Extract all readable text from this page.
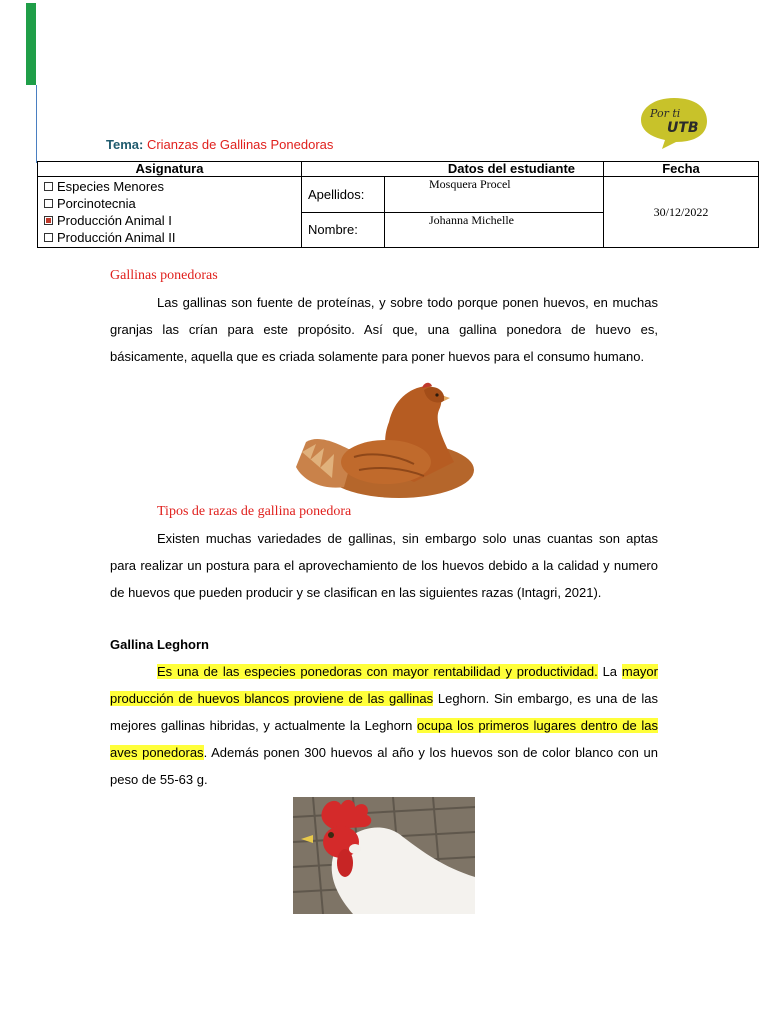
Por ti
UTB
Tema: Crianzas de Gallinas Ponedoras
Asignatura	Datos del estudiante		Fecha

Especies Menores
Porcinotecnia
Producción Animal I
Producción Animal II	Apellidos:	Mosquera Procel	30/12/2022
	Nombre:	Johanna Michelle	
Gallinas ponedoras

Las gallinas son fuente de proteínas, y sobre todo porque ponen huevos, en muchas granjas las crían para este propósito. Así que, una gallina ponedora de huevo es, básicamente, aquella que es criada solamente para poner huevos para el consumo humano.

Tipos de razas de gallina ponedora

Existen muchas variedades de gallinas, sin embargo solo unas cuantas son aptas para realizar un postura para el aprovechamiento de los huevos debido a la calidad y numero de huevos que pueden producir y se clasifican en las siguientes razas (Intagri, 2021).

Gallina Leghorn

Es una de las especies ponedoras con mayor rentabilidad y productividad. La mayor producción de huevos blancos proviene de las gallinas Leghorn. Sin embargo, es una de las mejores gallinas hibridas, y actualmente la Leghorn ocupa los primeros lugares dentro de las aves ponedoras. Además ponen 300 huevos al año y los huevos son de color blanco con un peso de 55-63 g.
